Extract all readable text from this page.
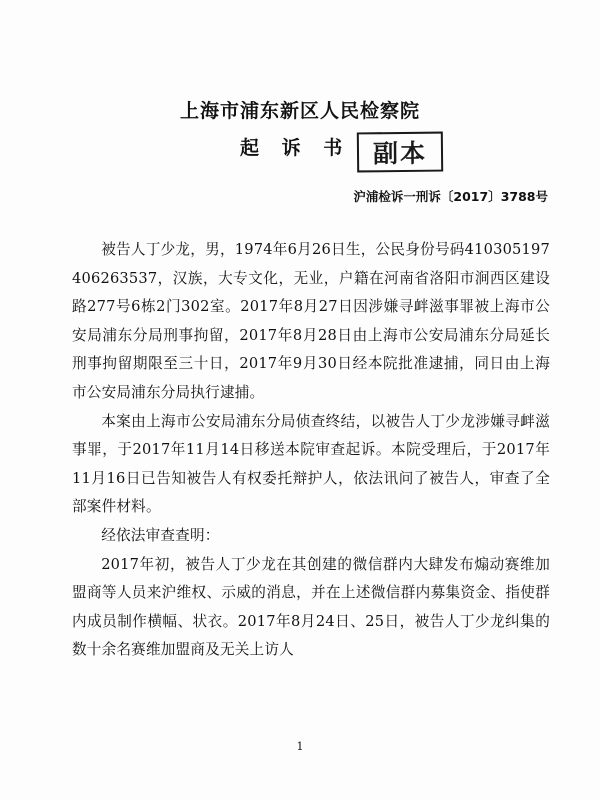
上海市浦东新区人民检察院
起 诉 书 副本
沪浦检诉一刑诉〔2017〕3788号

被告人丁少龙，男，1974年6月26日生，公民身份号码410305197406263537，汉族，大专文化，无业，户籍在河南省洛阳市涧西区建设路277号6栋2门302室。2017年8月27日因涉嫌寻衅滋事罪被上海市公安局浦东分局刑事拘留，2017年8月28日由上海市公安局浦东分局延长刑事拘留期限至三十日，2017年9月30日经本院批准逮捕，同日由上海市公安局浦东分局执行逮捕。

本案由上海市公安局浦东分局侦查终结，以被告人丁少龙涉嫌寻衅滋事罪，于2017年11月14日移送本院审查起诉。本院受理后，于2017年11月16日已告知被告人有权委托辩护人，依法讯问了被告人，审查了全部案件材料。

经依法审查查明：

2017年初，被告人丁少龙在其创建的微信群内大肆发布煽动赛维加盟商等人员来沪维权、示威的消息，并在上述微信群内募集资金、指使群内成员制作横幅、状衣。2017年8月24日、25日，被告人丁少龙纠集的数十余名赛维加盟商及无关上访人

1
